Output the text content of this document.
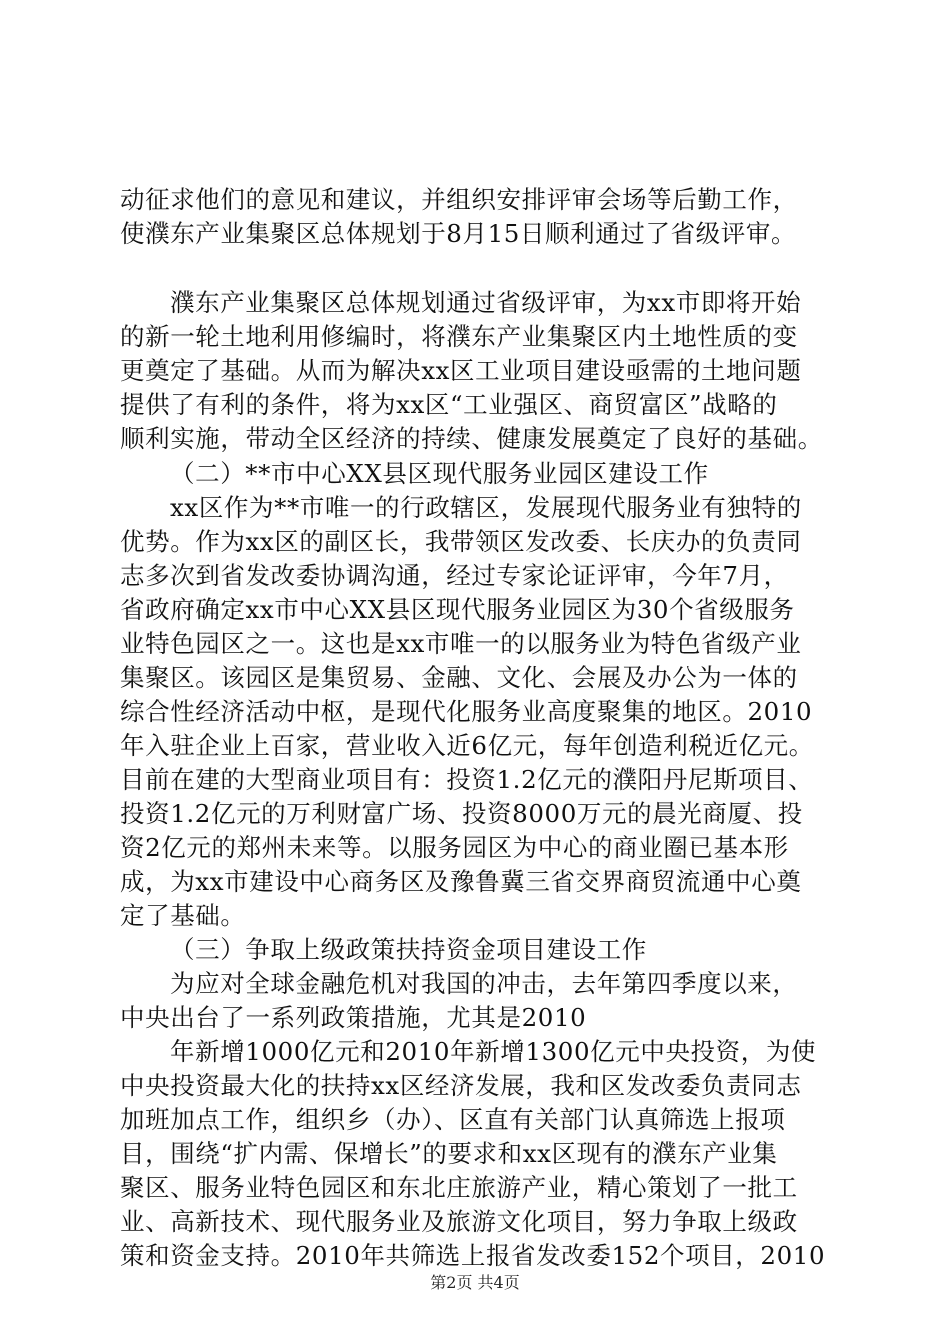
动征求他们的意见和建议，并组织安排评审会场等后勤工作，
使濮东产业集聚区总体规划于8月15日顺利通过了省级评审。
濮东产业集聚区总体规划通过省级评审，为xx市即将开始
的新一轮土地利用修编时，将濮东产业集聚区内土地性质的变
更奠定了基础。从而为解决xx区工业项目建设亟需的土地问题
提供了有利的条件，将为xx区“工业强区、商贸富区”战略的
顺利实施，带动全区经济的持续、健康发展奠定了良好的基础。
（二）**市中心XX县区现代服务业园区建设工作
xx区作为**市唯一的行政辖区，发展现代服务业有独特的
优势。作为xx区的副区长，我带领区发改委、长庆办的负责同
志多次到省发改委协调沟通，经过专家论证评审，今年7月，
省政府确定xx市中心XX县区现代服务业园区为30个省级服务
业特色园区之一。这也是xx市唯一的以服务业为特色省级产业
集聚区。该园区是集贸易、金融、文化、会展及办公为一体的
综合性经济活动中枢，是现代化服务业高度聚集的地区。2010
年入驻企业上百家，营业收入近6亿元，每年创造利税近亿元。
目前在建的大型商业项目有：投资1.2亿元的濮阳丹尼斯项目、
投资1.2亿元的万利财富广场、投资8000万元的晨光商厦、投
资2亿元的郑州未来等。以服务园区为中心的商业圈已基本形
成，为xx市建设中心商务区及豫鲁冀三省交界商贸流通中心奠
定了基础。
（三）争取上级政策扶持资金项目建设工作
为应对全球金融危机对我国的冲击，去年第四季度以来，
中央出台了一系列政策措施，尤其是2010
年新增1000亿元和2010年新增1300亿元中央投资，为使
中央投资最大化的扶持xx区经济发展，我和区发改委负责同志
加班加点工作，组织乡（办）、区直有关部门认真筛选上报项
目，围绕“扩内需、保增长”的要求和xx区现有的濮东产业集
聚区、服务业特色园区和东北庄旅游产业，精心策划了一批工
业、高新技术、现代服务业及旅游文化项目，努力争取上级政
策和资金支持。2010年共筛选上报省发改委152个项目，2010
第2页 共4页
